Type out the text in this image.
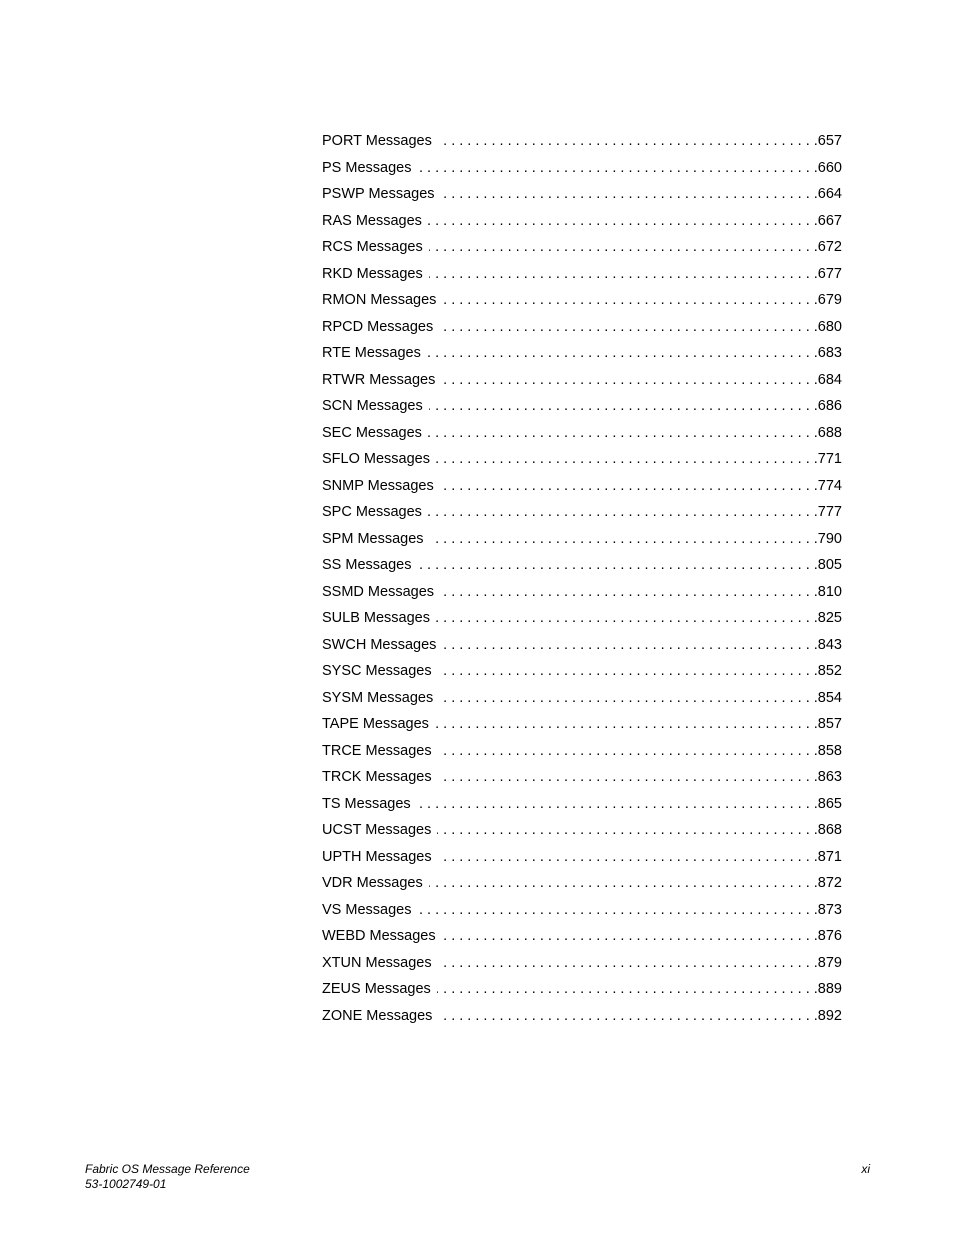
PORT Messages . . .	657
PS Messages . . .	660
PSWP Messages . . .	664
RAS Messages . . .	667
RCS Messages . . .	672
RKD Messages . . .	677
RMON Messages . . .	679
RPCD Messages . . .	680
RTE Messages . . .	683
RTWR Messages . . .	684
SCN Messages . . .	686
SEC Messages . . .	688
SFLO Messages . . .	771
SNMP Messages . . .	774
SPC Messages . . .	777
SPM Messages . . .	790
SS Messages . . .	805
SSMD Messages . . .	810
SULB Messages . . .	825
SWCH Messages . . .	843
SYSC Messages . . .	852
SYSM Messages . . .	854
TAPE Messages . . .	857
TRCE Messages . . .	858
TRCK Messages . . .	863
TS Messages . . .	865
UCST Messages . . .	868
UPTH Messages . . .	871
VDR Messages . . .	872
VS Messages . . .	873
WEBD Messages . . .	876
XTUN Messages . . .	879
ZEUS Messages . . .	889
ZONE Messages . . .	892
Fabric OS Message Reference
53-1002749-01
xi
